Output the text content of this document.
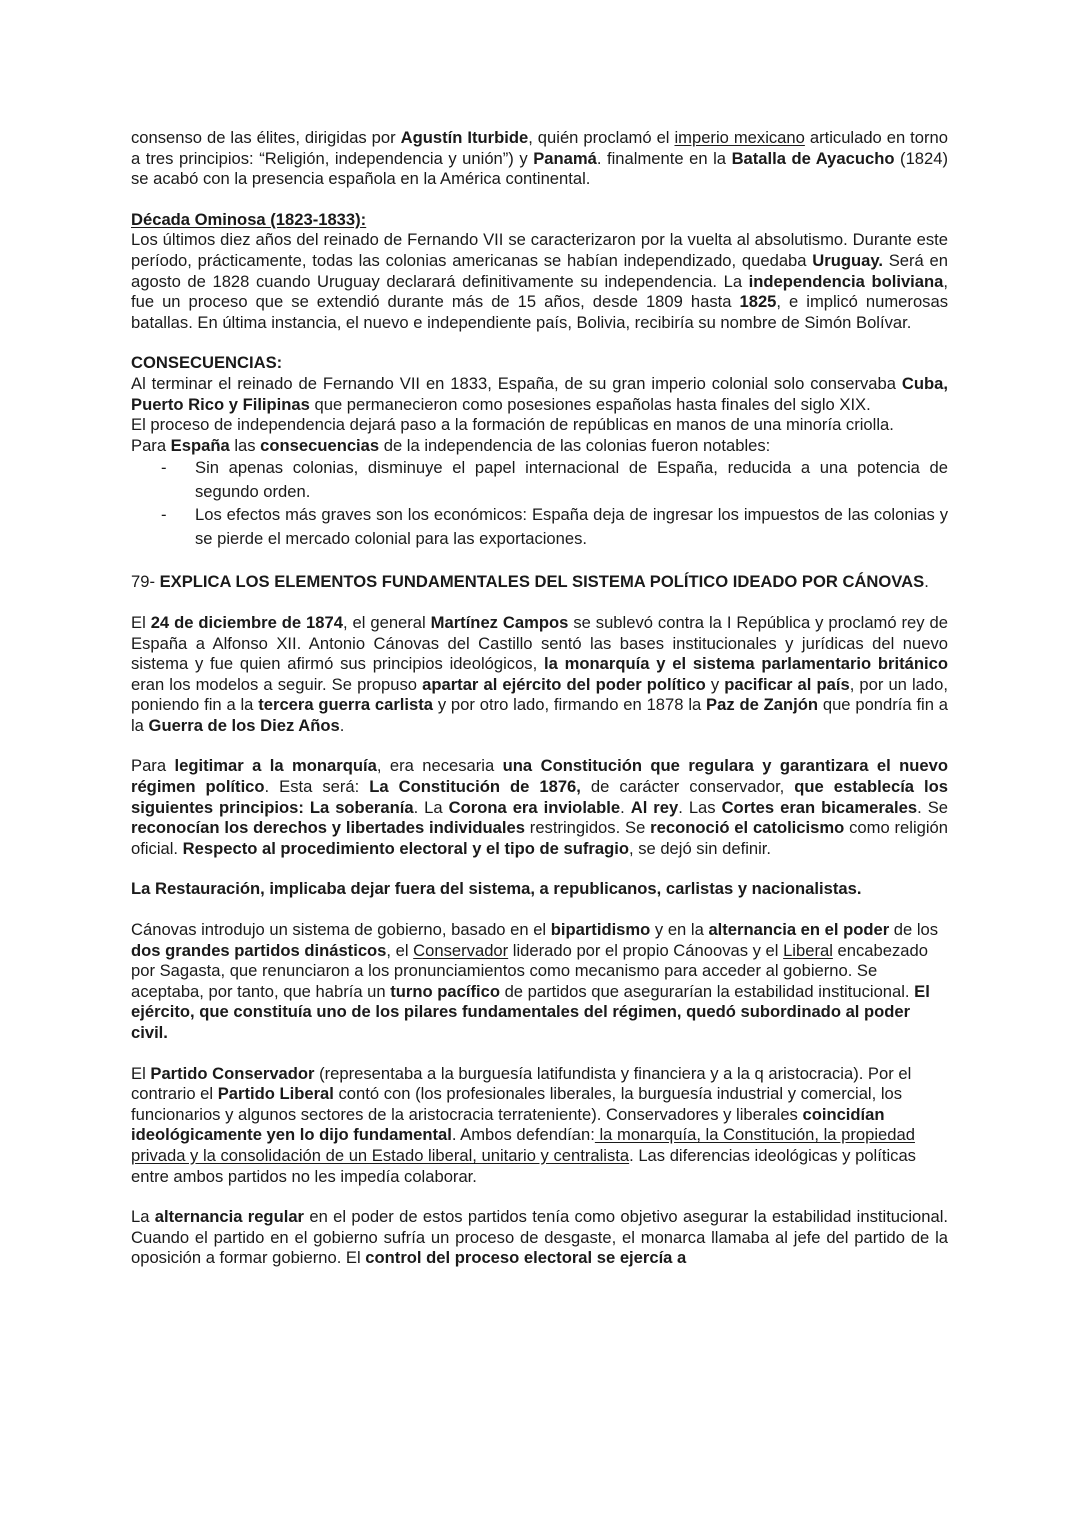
consenso de las élites, dirigidas por Agustín Iturbide, quién proclamó el imperio mexicano articulado en torno a tres principios: “Religión, independencia y unión”) y Panamá. finalmente en la Batalla de Ayacucho (1824) se acabó con la presencia española en la América continental.

Década Ominosa (1823-1833):

Los últimos diez años del reinado de Fernando VII se caracterizaron por la vuelta al absolutismo. Durante este período, prácticamente, todas las colonias americanas se habían independizado, quedaba Uruguay. Será en agosto de 1828 cuando Uruguay declarará definitivamente su independencia. La independencia boliviana, fue un proceso que se extendió durante más de 15 años, desde 1809 hasta 1825, e implicó numerosas batallas. En última instancia, el nuevo e independiente país, Bolivia, recibiría su nombre de Simón Bolívar.

CONSECUENCIAS:

Al terminar el reinado de Fernando VII en 1833, España, de su gran imperio colonial solo conservaba Cuba, Puerto Rico y Filipinas que permanecieron como posesiones españolas hasta finales del siglo XIX.

El proceso de independencia dejará paso a la formación de repúblicas en manos de una minoría criolla.

Para España las consecuencias de la independencia de las colonias fueron notables:

- Sin apenas colonias, disminuye el papel internacional de España, reducida a una potencia de segundo orden.
- Los efectos más graves son los económicos: España deja de ingresar los impuestos de las colonias y se pierde el mercado colonial para las exportaciones.

79- EXPLICA LOS ELEMENTOS FUNDAMENTALES DEL SISTEMA POLÍTICO IDEADO POR CÁNOVAS.

El 24 de diciembre de 1874, el general Martínez Campos se sublevó contra la I República y proclamó rey de España a Alfonso XII. Antonio Cánovas del Castillo sentó las bases institucionales y jurídicas del nuevo sistema y fue quien afirmó sus principios ideológicos, la monarquía y el sistema parlamentario británico eran los modelos a seguir. Se propuso apartar al ejército del poder político y pacificar al país, por un lado, poniendo fin a la tercera guerra carlista y por otro lado, firmando en 1878 la Paz de Zanjón que pondría fin a la Guerra de los Diez Años.

Para legitimar a la monarquía, era necesaria una Constitución que regulara y garantizara el nuevo régimen político. Esta será: La Constitución de 1876, de carácter conservador, que establecía los siguientes principios: La soberanía. La Corona era inviolable. Al rey. Las Cortes eran bicamerales. Se reconocían los derechos y libertades individuales restringidos. Se reconoció el catolicismo como religión oficial. Respecto al procedimiento electoral y el tipo de sufragio, se dejó sin definir.

La Restauración, implicaba dejar fuera del sistema, a republicanos, carlistas y nacionalistas.

Cánovas introdujo un sistema de gobierno, basado en el bipartidismo y en la alternancia en el poder de los dos grandes partidos dinásticos, el Conservador liderado por el propio Cánoovas y el Liberal encabezado por Sagasta, que renunciaron a los pronunciamientos como mecanismo para acceder al gobierno. Se aceptaba, por tanto, que habría un turno pacífico de partidos que asegurarían la estabilidad institucional. El ejército, que constituía uno de los pilares fundamentales del régimen, quedó subordinado al poder civil.

El Partido Conservador (representaba a la burguesía latifundista y financiera y a la q aristocracia). Por el contrario el Partido Liberal contó con (los profesionales liberales, la burguesía industrial y comercial, los funcionarios y algunos sectores de la aristocracia terrateniente). Conservadores y liberales coincidían ideológicamente yen lo dijo fundamental. Ambos defendían: la monarquía, la Constitución, la propiedad privada y la consolidación de un Estado liberal, unitario y centralista. Las diferencias ideológicas y políticas entre ambos partidos no les impedía colaborar.

La alternancia regular en el poder de estos partidos tenía como objetivo asegurar la estabilidad institucional. Cuando el partido en el gobierno sufría un proceso de desgaste, el monarca llamaba al jefe del partido de la oposición a formar gobierno. El control del proceso electoral se ejercía a
